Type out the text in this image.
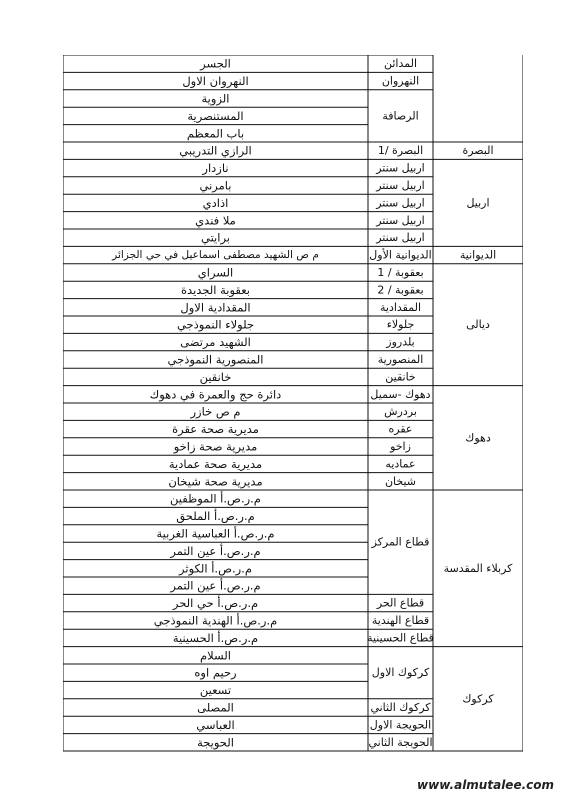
الجسر
النهروان الاول
الزوية
المستنصرية
باب المعظم
الرازي التدريبي
نازدار
بامرني
اذادي
ملا فندي
برايتي
م ص الشهيد مصطفى اسماعيل في حي الجزائر
السراي
بعقوبة الجديدة
المقدادية الاول
جلولاء النموذجي
الشهيد مرتضى
المنصورية النموذجي
خانقين
دائرة حج والعمرة في دهوك
م ص خازر
مديرية صحة عقرة
مديرية صحة زاخو
مديرية صحة عمادية
مديرية صحة شيخان
م.ر.ص.أ الموظفين
م.ر.ص.أ الملحق
م.ر.ص.أ العباسية الغربية
م.ر.ص.أ عين التمر
م.ر.ص.أ الكوثر
م.ر.ص.أ عين التمر
م.ر.ص.أ حي الحر
م.ر.ص.أ الهندية النموذجي
م.ر.ص.أ الحسينية
السلام
رحيم اوه
تسعين
المصلى
العباسي
الحويجة
المدائن
النهروان
الرصافة
البصرة /1	البصرة
اربيل سنتر
اربيل
اربيل سنتر
اربيل سنتر
اربيل سنتر
اربيل سنتر
الديوانية الأول	الديوانية
بعقوبة / 1
ديالى
بعقوبة / 2
المقدادية
جلولاء
بلدروز
المنصورية
خانقين
دهوك -سميل
دهوك
بردرش
عقره
زاخو
عماديه
شيخان
قطاع المركز
كربلاء المقدسة
قطاع الحر
قطاع الهندية
قطاع الحسينية
كركوك الاول
كركوك
كركوك الثاني
الحويجة الاول
الحويجة الثاني
www.almutalee.com
